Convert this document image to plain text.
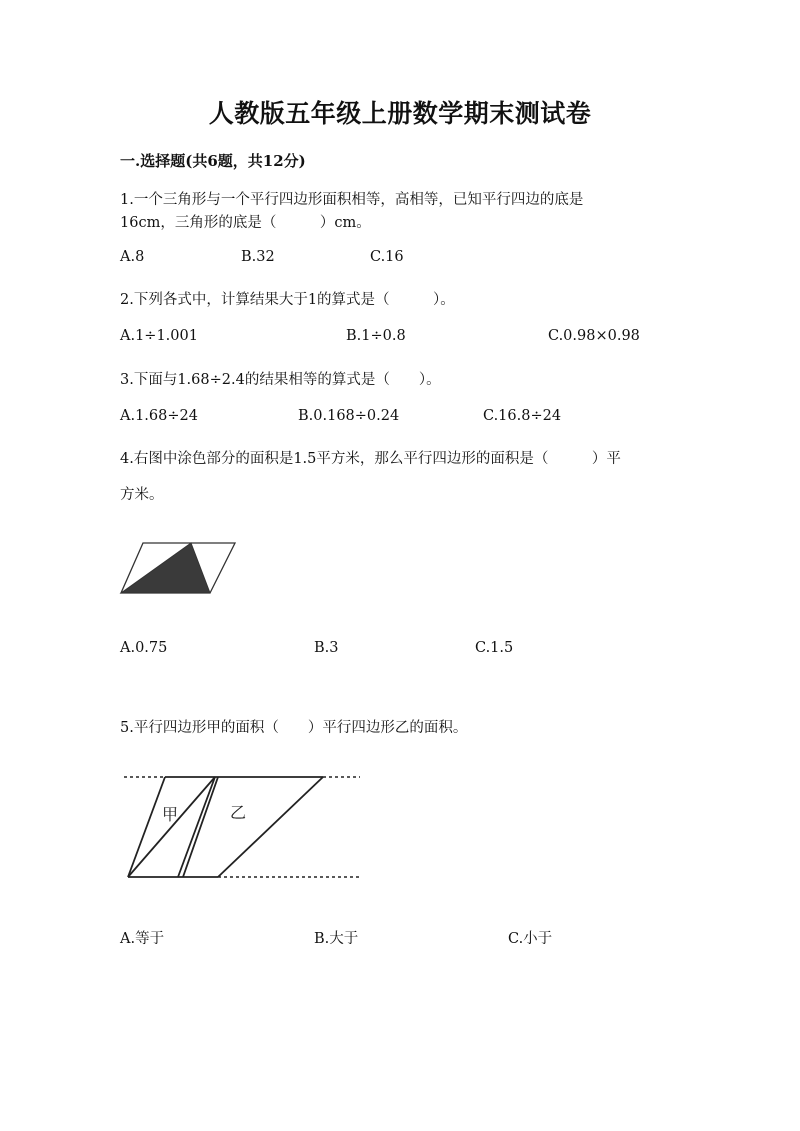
人教版五年级上册数学期末测试卷
一.选择题(共6题，共12分)
1.一个三角形与一个平行四边形面积相等，高相等，已知平行四边的底是
16cm，三角形的底是（　　　）cm。
A.8	B.32	C.16
2.下列各式中，计算结果大于1的算式是（　　　）。
A.1÷1.001	B.1÷0.8	C.0.98×0.98
3.下面与1.68÷2.4的结果相等的算式是（　　）。
A.1.68÷24	B.0.168÷0.24	C.16.8÷24
4.右图中涂色部分的面积是1.5平方米，那么平行四边形的面积是（　　　）平
方米。
A.0.75	B.3	C.1.5
5.平行四边形甲的面积（　　）平行四边形乙的面积。
甲	乙
A.等于	B.大于	C.小于
